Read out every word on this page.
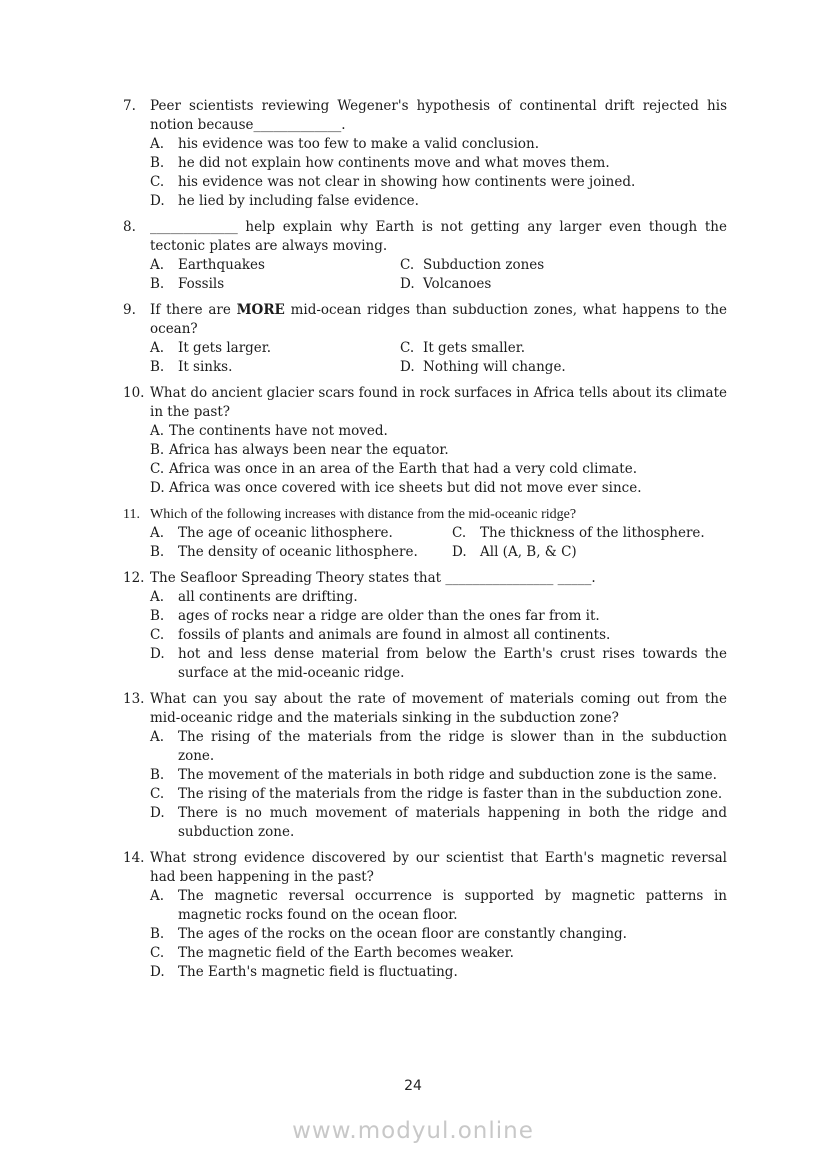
7.	Peer scientists reviewing Wegener's hypothesis of continental drift rejected his notion because_____________.
A.	his evidence was too few to make a valid conclusion.
B.	he did not explain how continents move and what moves them.
C.	his evidence was not clear in showing how continents were joined.
D. he lied by including false evidence.
8.	_____________ help explain why Earth is not getting any larger even though the tectonic plates are always moving.
A.	Earthquakes	C. Subduction zones
B.	Fossils	D. Volcanoes
9.	If there are MORE mid-ocean ridges than subduction zones, what happens to the ocean?
A.	It gets larger.	C. It gets smaller.
B.	It sinks.	D. Nothing will change.
10. What do ancient glacier scars found in rock surfaces in Africa tells about its climate in the past?
A. The continents have not moved.
B. Africa has always been near the equator.
C. Africa was once in an area of the Earth that had a very cold climate.
D. Africa was once covered with ice sheets but did not move ever since.
11. Which of the following increases with distance from the mid-oceanic ridge?
A.	The age of oceanic lithosphere.	C.	The thickness of the lithosphere.
B.	The density of oceanic lithosphere.	D. All (A, B, & C)
12. The Seafloor Spreading Theory states that ________________ _____.
A.	all continents are drifting.
B.	ages of rocks near a ridge are older than the ones far from it.
C.	fossils of plants and animals are found in almost all continents.
D. hot and less dense material from below the Earth's crust rises towards the surface at the mid-oceanic ridge.
13. What can you say about the rate of movement of materials coming out from the mid-oceanic ridge and the materials sinking in the subduction zone?
A.	The rising of the materials from the ridge is slower than in the subduction zone.
B.	The movement of the materials in both ridge and subduction zone is the same.
C.	The rising of the materials from the ridge is faster than in the subduction zone.
D. There is no much movement of materials happening in both the ridge and subduction zone.
14. What strong evidence discovered by our scientist that Earth's magnetic reversal had been happening in the past?
A.	The magnetic reversal occurrence is supported by magnetic patterns in magnetic rocks found on the ocean floor.
B.	The ages of the rocks on the ocean floor are constantly changing.
C.	The magnetic field of the Earth becomes weaker.
D. The Earth's magnetic field is fluctuating.
24
www.modyul.online
